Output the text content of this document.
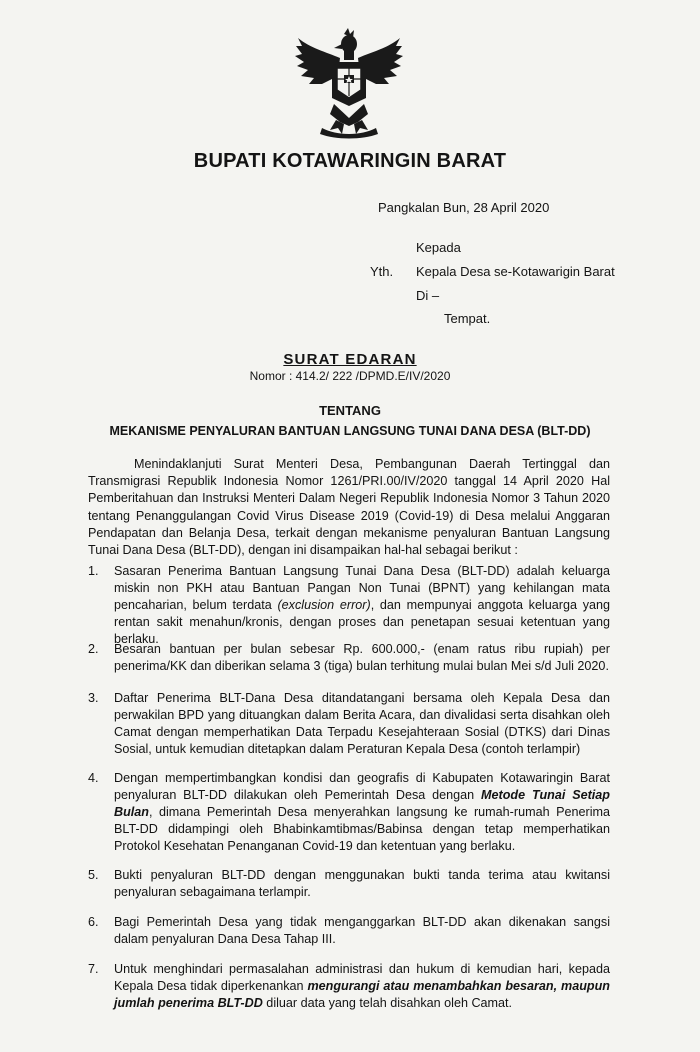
BUPATI KOTAWARINGIN BARAT
Pangkalan Bun, 28 April 2020
Kepada
Yth. Kepala Desa se-Kotawarigin Barat
Di –
Tempat.
SURAT EDARAN
Nomor : 414.2/ 222 /DPMD.E/IV/2020
TENTANG
MEKANISME PENYALURAN BANTUAN LANGSUNG TUNAI DANA DESA (BLT-DD)

Menindaklanjuti Surat Menteri Desa, Pembangunan Daerah Tertinggal dan Transmigrasi Republik Indonesia Nomor 1261/PRI.00/IV/2020 tanggal 14 April 2020 Hal Pemberitahuan dan Instruksi Menteri Dalam Negeri Republik Indonesia Nomor 3 Tahun 2020 tentang Penanggulangan Covid Virus Disease 2019 (Covid-19) di Desa melalui Anggaran Pendapatan dan Belanja Desa, terkait dengan mekanisme penyaluran Bantuan Langsung Tunai Dana Desa (BLT-DD), dengan ini disampaikan hal-hal sebagai berikut :

1.	Sasaran Penerima Bantuan Langsung Tunai Dana Desa (BLT-DD) adalah keluarga miskin non PKH atau Bantuan Pangan Non Tunai (BPNT) yang kehilangan mata pencaharian, belum terdata (exclusion error), dan mempunyai anggota keluarga yang rentan sakit menahun/kronis, dengan proses dan penetapan sesuai ketentuan yang berlaku.
2.	Besaran bantuan per bulan sebesar Rp. 600.000,- (enam ratus ribu rupiah) per penerima/KK dan diberikan selama 3 (tiga) bulan terhitung mulai bulan Mei s/d Juli 2020.
3.	Daftar Penerima BLT-Dana Desa ditandatangani bersama oleh Kepala Desa dan perwakilan BPD yang dituangkan dalam Berita Acara, dan divalidasi serta disahkan oleh Camat dengan memperhatikan Data Terpadu Kesejahteraan Sosial (DTKS) dari Dinas Sosial, untuk kemudian ditetapkan dalam Peraturan Kepala Desa (contoh terlampir)
4.	Dengan mempertimbangkan kondisi dan geografis di Kabupaten Kotawaringin Barat penyaluran BLT-DD dilakukan oleh Pemerintah Desa dengan Metode Tunai Setiap Bulan, dimana Pemerintah Desa menyerahkan langsung ke rumah-rumah Penerima BLT-DD didampingi oleh Bhabinkamtibmas/Babinsa dengan tetap memperhatikan Protokol Kesehatan Penanganan Covid-19 dan ketentuan yang berlaku.
5.	Bukti penyaluran BLT-DD dengan menggunakan bukti tanda terima atau kwitansi penyaluran sebagaimana terlampir.
6.	Bagi Pemerintah Desa yang tidak menganggarkan BLT-DD akan dikenakan sangsi dalam penyaluran Dana Desa Tahap III.
7.	Untuk menghindari permasalahan administrasi dan hukum di kemudian hari, kepada Kepala Desa tidak diperkenankan mengurangi atau menambahkan besaran, maupun jumlah penerima BLT-DD diluar data yang telah disahkan oleh Camat.
